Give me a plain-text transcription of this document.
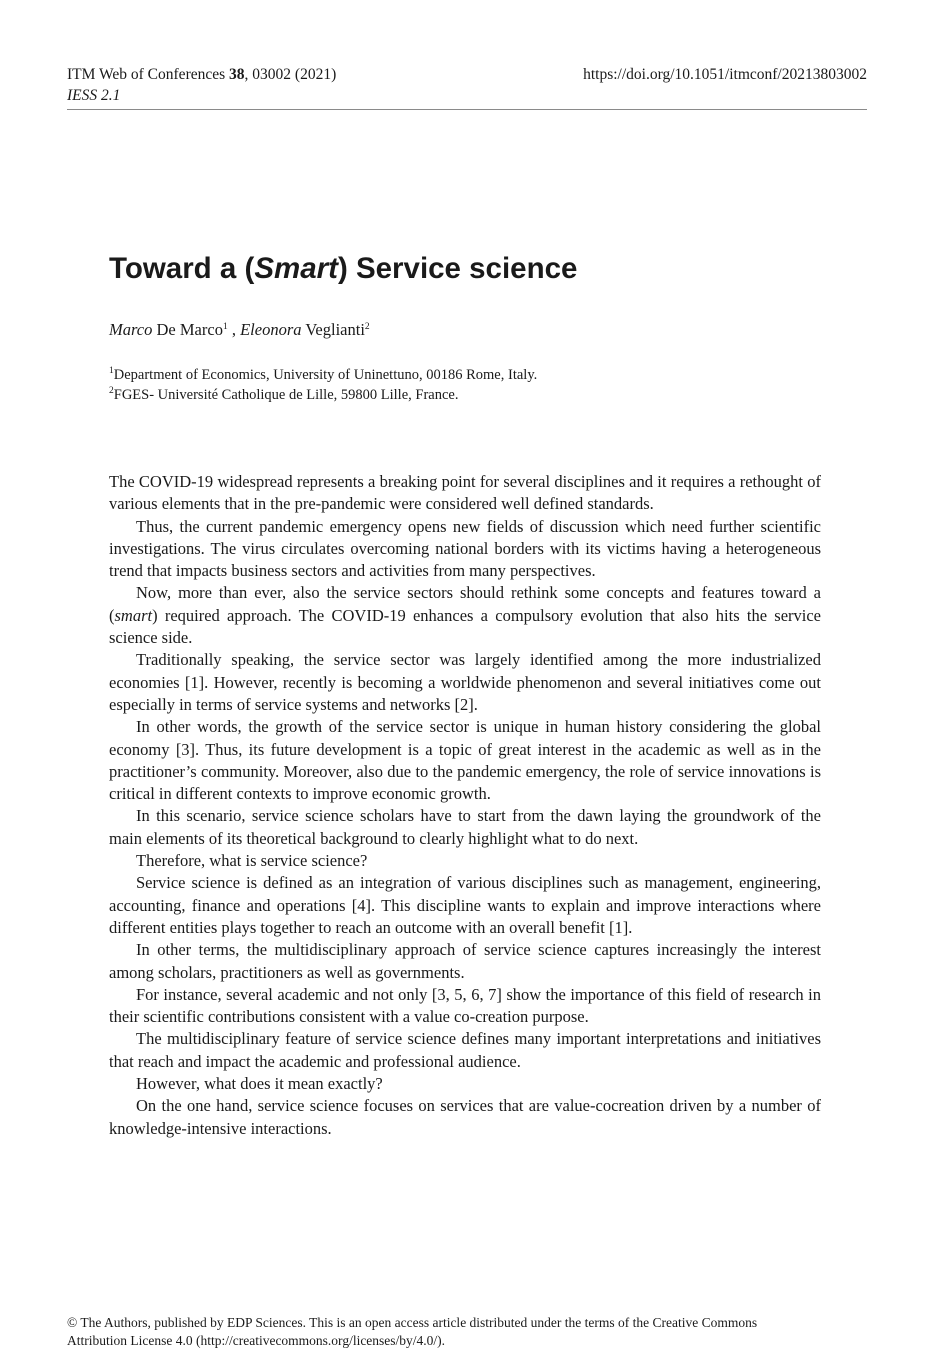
ITM Web of Conferences 38, 03002 (2021)	https://doi.org/10.1051/itmconf/20213803002
IESS 2.1
Toward a (Smart) Service science
Marco De Marco$^1$ , Eleonora Veglianti$^2$
$^1$Department of Economics, University of Uninettuno, 00186 Rome, Italy.
$^2$FGES- Université Catholique de Lille, 59800 Lille, France.

The COVID-19 widespread represents a breaking point for several disciplines and it requires a rethought of various elements that in the pre-pandemic were considered well defined standards.

Thus, the current pandemic emergency opens new fields of discussion which need further scientific investigations. The virus circulates overcoming national borders with its victims having a heterogeneous trend that impacts business sectors and activities from many perspectives.

Now, more than ever, also the service sectors should rethink some concepts and features toward a (smart) required approach. The COVID-19 enhances a compulsory evolution that also hits the service science side.

Traditionally speaking, the service sector was largely identified among the more industrialized economies [1]. However, recently is becoming a worldwide phenomenon and several initiatives come out especially in terms of service systems and networks [2].

In other words, the growth of the service sector is unique in human history considering the global economy [3]. Thus, its future development is a topic of great interest in the academic as well as in the practitioner’s community. Moreover, also due to the pandemic emergency, the role of service innovations is critical in different contexts to improve economic growth.

In this scenario, service science scholars have to start from the dawn laying the groundwork of the main elements of its theoretical background to clearly highlight what to do next.

Therefore, what is service science?

Service science is defined as an integration of various disciplines such as management, engineering, accounting, finance and operations [4]. This discipline wants to explain and improve interactions where different entities plays together to reach an outcome with an overall benefit [1].

In other terms, the multidisciplinary approach of service science captures increasingly the interest among scholars, practitioners as well as governments.

For instance, several academic and not only [3, 5, 6, 7] show the importance of this field of research in their scientific contributions consistent with a value co-creation purpose.

The multidisciplinary feature of service science defines many important interpretations and initiatives that reach and impact the academic and professional audience.

However, what does it mean exactly?

On the one hand, service science focuses on services that are value-cocreation driven by a number of knowledge-intensive interactions.

© The Authors, published by EDP Sciences. This is an open access article distributed under the terms of the Creative Commons
Attribution License 4.0 (http://creativecommons.org/licenses/by/4.0/).
